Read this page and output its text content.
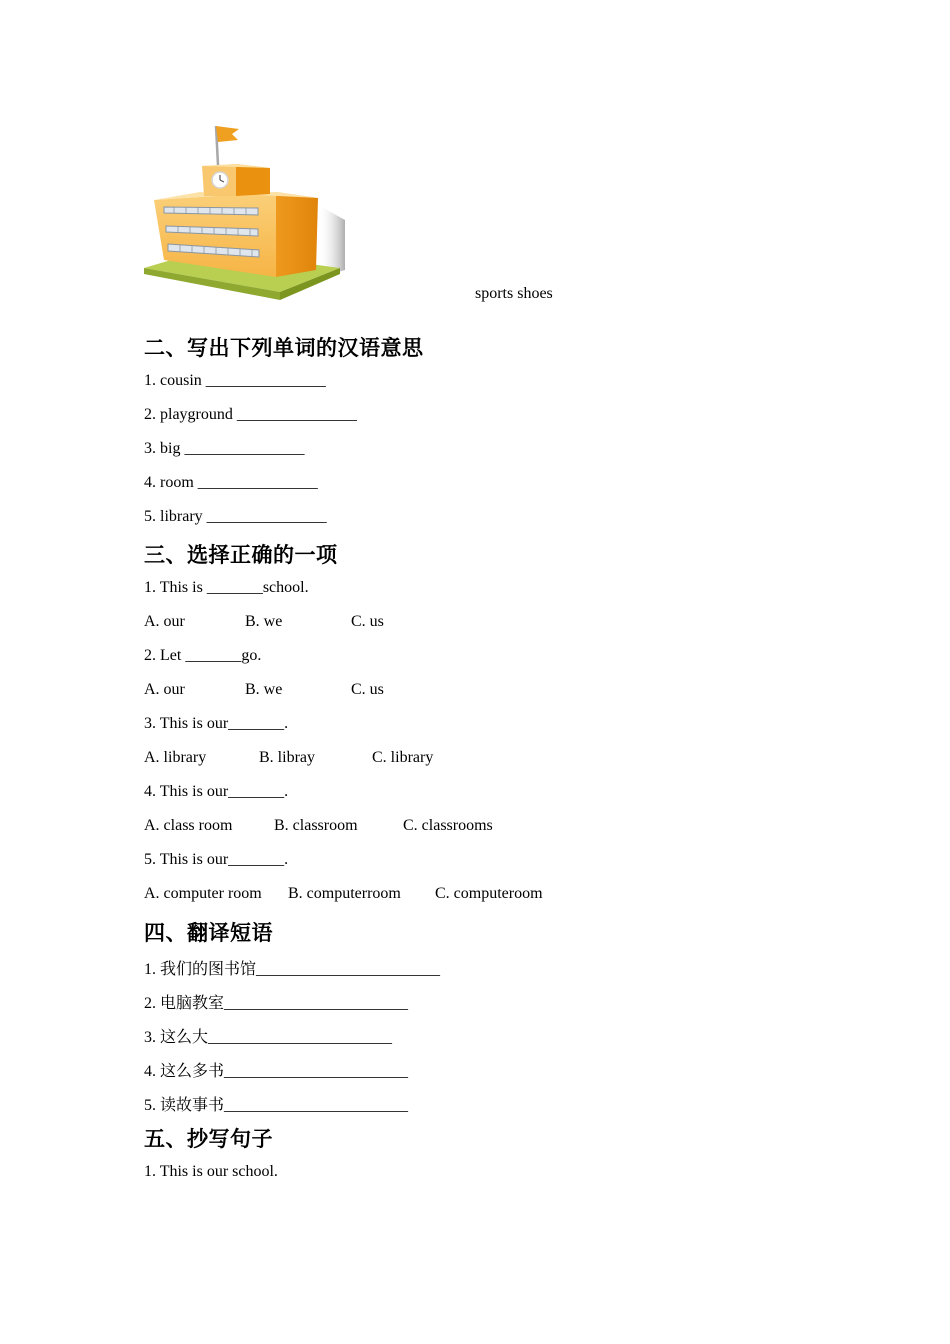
sports shoes
二、写出下列单词的汉语意思
1. cousin _______________
2. playground _______________
3. big _______________
4. room _______________
5. library _______________
三、选择正确的一项
1. This is _______school.
A. our	B. we	C. us
2. Let _______go.
A. our	B. we	C. us
3. This is our_______.
A. library	B. libray	C. library
4. This is our_______.
A. class room	B. classroom	C. classrooms
5. This is our_______.
A. computer room B. computerroom C. computeroom
四、翻译短语
1. 我们的图书馆_______________________
2. 电脑教室_______________________
3. 这么大_______________________
4. 这么多书_______________________
5. 读故事书_______________________
五、抄写句子
1. This is our school.
